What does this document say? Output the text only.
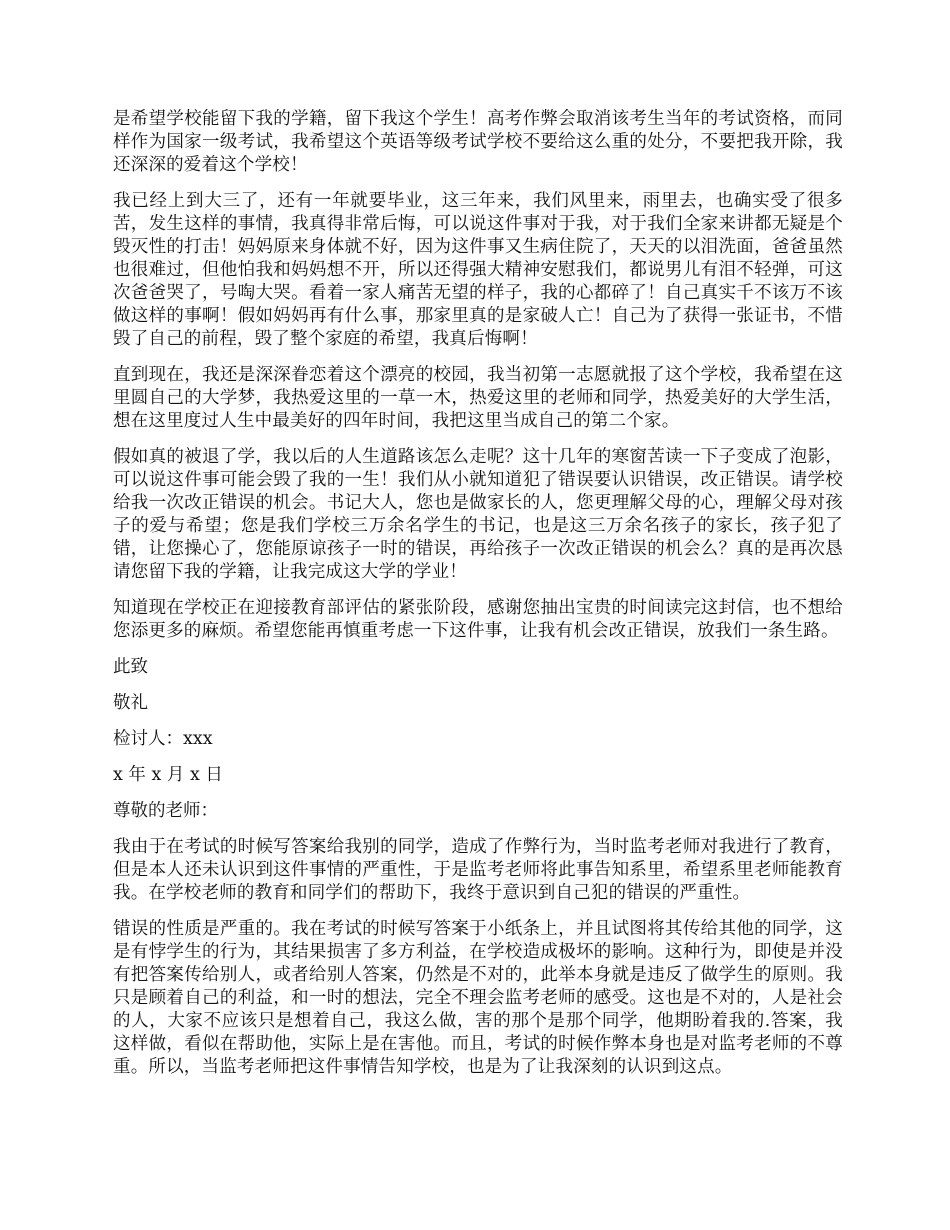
是希望学校能留下我的学籍，留下我这个学生！高考作弊会取消该考生当年的考试资格，而同样作为国家一级考试，我希望这个英语等级考试学校不要给这么重的处分，不要把我开除，我还深深的爱着这个学校！

我已经上到大三了，还有一年就要毕业，这三年来，我们风里来，雨里去，也确实受了很多苦，发生这样的事情，我真得非常后悔，可以说这件事对于我，对于我们全家来讲都无疑是个毁灭性的打击！妈妈原来身体就不好，因为这件事又生病住院了，天天的以泪洗面，爸爸虽然也很难过，但他怕我和妈妈想不开，所以还得强大精神安慰我们，都说男儿有泪不轻弹，可这次爸爸哭了，号啕大哭。看着一家人痛苦无望的样子，我的心都碎了！自己真实千不该万不该做这样的事啊！假如妈妈再有什么事，那家里真的是家破人亡！自己为了获得一张证书，不惜毁了自己的前程，毁了整个家庭的希望，我真后悔啊！

直到现在，我还是深深眷恋着这个漂亮的校园，我当初第一志愿就报了这个学校，我希望在这里圆自己的大学梦，我热爱这里的一草一木，热爱这里的老师和同学，热爱美好的大学生活，想在这里度过人生中最美好的四年时间，我把这里当成自己的第二个家。

假如真的被退了学，我以后的人生道路该怎么走呢？这十几年的寒窗苦读一下子变成了泡影，可以说这件事可能会毁了我的一生！我们从小就知道犯了错误要认识错误，改正错误。请学校给我一次改正错误的机会。书记大人，您也是做家长的人，您更理解父母的心，理解父母对孩子的爱与希望；您是我们学校三万余名学生的书记，也是这三万余名孩子的家长，孩子犯了错，让您操心了，您能原谅孩子一时的错误，再给孩子一次改正错误的机会么？真的是再次恳请您留下我的学籍，让我完成这大学的学业！

知道现在学校正在迎接教育部评估的紧张阶段，感谢您抽出宝贵的时间读完这封信，也不想给您添更多的麻烦。希望您能再慎重考虑一下这件事，让我有机会改正错误，放我们一条生路。

此致

敬礼

检讨人：xxx

x 年 x 月 x 日

尊敬的老师：

我由于在考试的时候写答案给我别的同学，造成了作弊行为，当时监考老师对我进行了教育，但是本人还未认识到这件事情的严重性，于是监考老师将此事告知系里，希望系里老师能教育我。在学校老师的教育和同学们的帮助下，我终于意识到自己犯的错误的严重性。

错误的性质是严重的。我在考试的时候写答案于小纸条上，并且试图将其传给其他的同学，这是有悖学生的行为，其结果损害了多方利益，在学校造成极坏的影响。这种行为，即使是并没有把答案传给别人，或者给别人答案，仍然是不对的，此举本身就是违反了做学生的原则。我只是顾着自己的利益，和一时的想法，完全不理会监考老师的感受。这也是不对的，人是社会的人，大家不应该只是想着自己，我这么做，害的那个是那个同学，他期盼着我的.答案，我这样做，看似在帮助他，实际上是在害他。而且，考试的时候作弊本身也是对监考老师的不尊重。所以，当监考老师把这件事情告知学校，也是为了让我深刻的认识到这点。
